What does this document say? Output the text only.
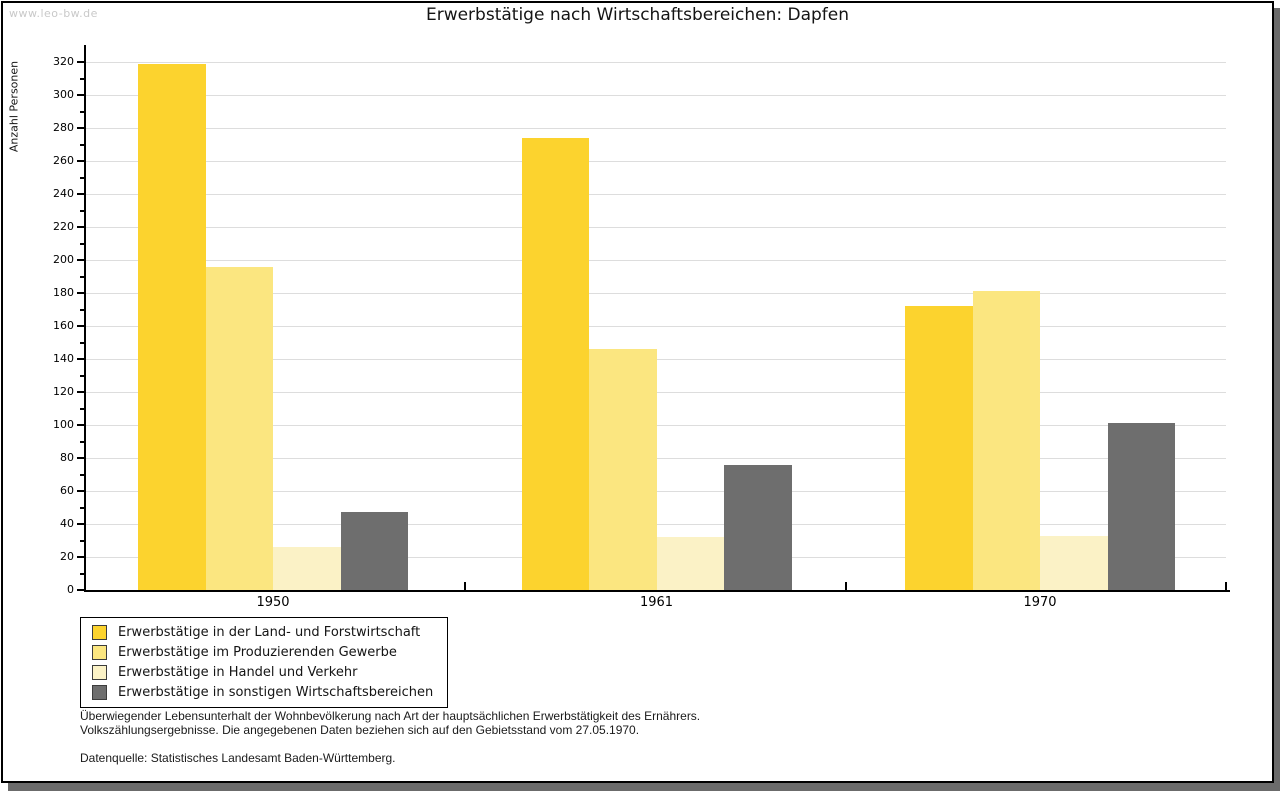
www.leo-bw.de	Erwerbstätige nach Wirtschaftsbereichen: Dapfen
Anzahl Personen
0
20
40
60
80
100
120
140
160
180
200
220
240
260
280
300
320
1950	1961	1970
Erwerbstätige in der Land- und Forstwirtschaft
Erwerbstätige im Produzierenden Gewerbe
Erwerbstätige in Handel und Verkehr
Erwerbstätige in sonstigen Wirtschaftsbereichen
Überwiegender Lebensunterhalt der Wohnbevölkerung nach Art der hauptsächlichen Erwerbstätigkeit des Ernährers.
Volkszählungsergebnisse. Die angegebenen Daten beziehen sich auf den Gebietsstand vom 27.05.1970.
Datenquelle: Statistisches Landesamt Baden-Württemberg.
